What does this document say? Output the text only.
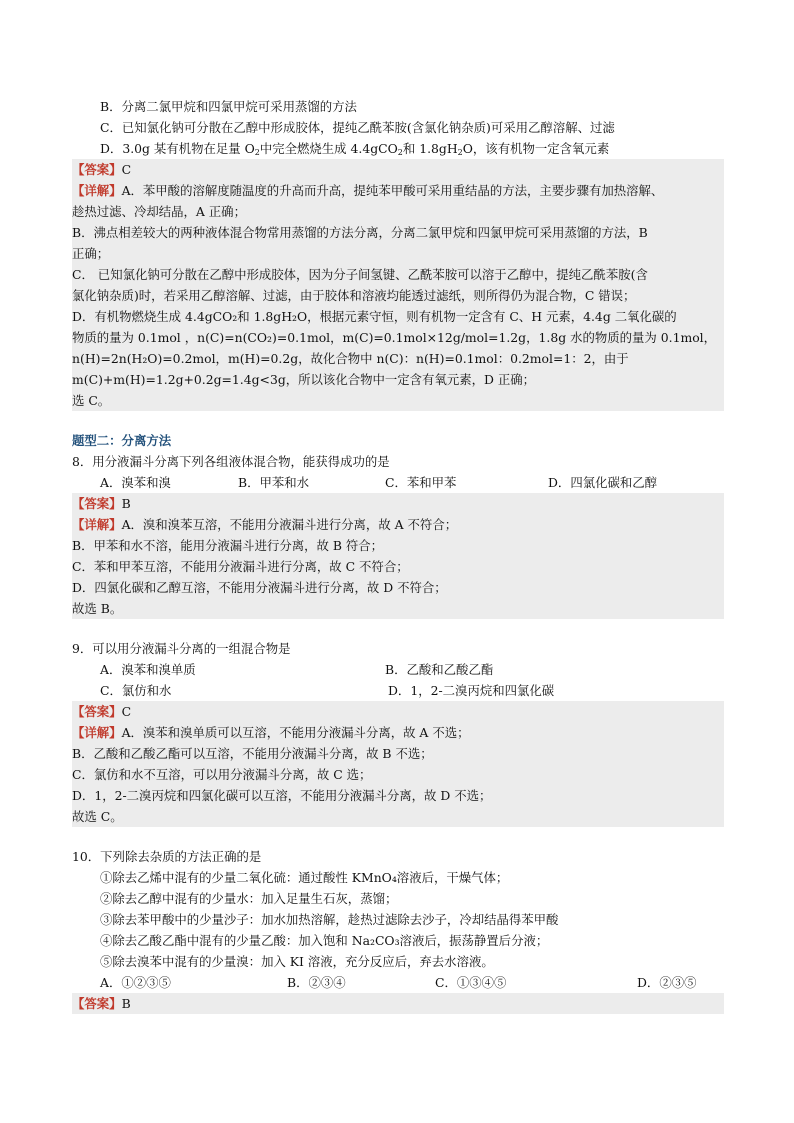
B．分离二氯甲烷和四氯甲烷可采用蒸馏的方法
C．已知氯化钠可分散在乙醇中形成胶体，提纯乙酰苯胺(含氯化钠杂质)可采用乙醇溶解、过滤
D．3.0g 某有机物在足量 $O_2$中完全燃烧生成 4.4gCO$_2$和 $1.8gH_2O$，该有机物一定含氧元素
【答案】C
【详解】A．苯甲酸的溶解度随温度的升高而升高，提纯苯甲酸可采用重结晶的方法，主要步骤有加热溶解、
趁热过滤、冷却结晶，A 正确；
B．沸点相差较大的两种液体混合物常用蒸馏的方法分离，分离二氯甲烷和四氯甲烷可采用蒸馏的方法，B
正确；
C． 已知氯化钠可分散在乙醇中形成胶体，因为分子间氢键、乙酰苯胺可以溶于乙醇中，提纯乙酰苯胺(含
氯化钠杂质)时，若采用乙醇溶解、过滤，由于胶体和溶液均能透过滤纸，则所得仍为混合物，C 错误；
D．有机物燃烧生成 4.4gCO₂和 1.8gH₂O，根据元素守恒，则有机物一定含有 C、H 元素，4.4g 二氧化碳的
物质的量为 0.1mol ，n(C)=n(CO₂)=0.1mol，m(C)=0.1mol×12g/mol=1.2g，1.8g 水的物质的量为 0.1mol，
n(H)=2n(H₂O)=0.2mol，m(H)=0.2g，故化合物中 n(C)：n(H)=0.1mol：0.2mol=1：2，由于
m(C)+m(H)=1.2g+0.2g=1.4g<3g，所以该化合物中一定含有氧元素，D 正确；
选 C。
题型二：分离方法
8．用分液漏斗分离下列各组液体混合物，能获得成功的是
A．溴苯和溴	B．甲苯和水	C．苯和甲苯	D．四氯化碳和乙醇
【答案】B
【详解】A．溴和溴苯互溶，不能用分液漏斗进行分离，故 A 不符合；
B．甲苯和水不溶，能用分液漏斗进行分离，故 B 符合；
C．苯和甲苯互溶，不能用分液漏斗进行分离，故 C 不符合；
D．四氯化碳和乙醇互溶，不能用分液漏斗进行分离，故 D 不符合；
故选 B。
9．可以用分液漏斗分离的一组混合物是
A．溴苯和溴单质	B．乙酸和乙酸乙酯
C．氯仿和水	D．1，2-二溴丙烷和四氯化碳
【答案】C
【详解】A．溴苯和溴单质可以互溶，不能用分液漏斗分离，故 A 不选；
B．乙酸和乙酸乙酯可以互溶，不能用分液漏斗分离，故 B 不选；
C．氯仿和水不互溶，可以用分液漏斗分离，故 C 选；
D．1，2-二溴丙烷和四氯化碳可以互溶，不能用分液漏斗分离，故 D 不选；
故选 C。
10．下列除去杂质的方法正确的是
①除去乙烯中混有的少量二氧化硫：通过酸性 KMnO₄溶液后，干燥气体；
②除去乙醇中混有的少量水：加入足量生石灰，蒸馏；
③除去苯甲酸中的少量沙子：加水加热溶解，趁热过滤除去沙子，冷却结晶得苯甲酸
④除去乙酸乙酯中混有的少量乙酸：加入饱和 Na₂CO₃溶液后，振荡静置后分液；
⑤除去溴苯中混有的少量溴：加入 KI 溶液，充分反应后，弃去水溶液。
A．①②③⑤	B．②③④	C．①③④⑤	D．②③⑤
【答案】B
